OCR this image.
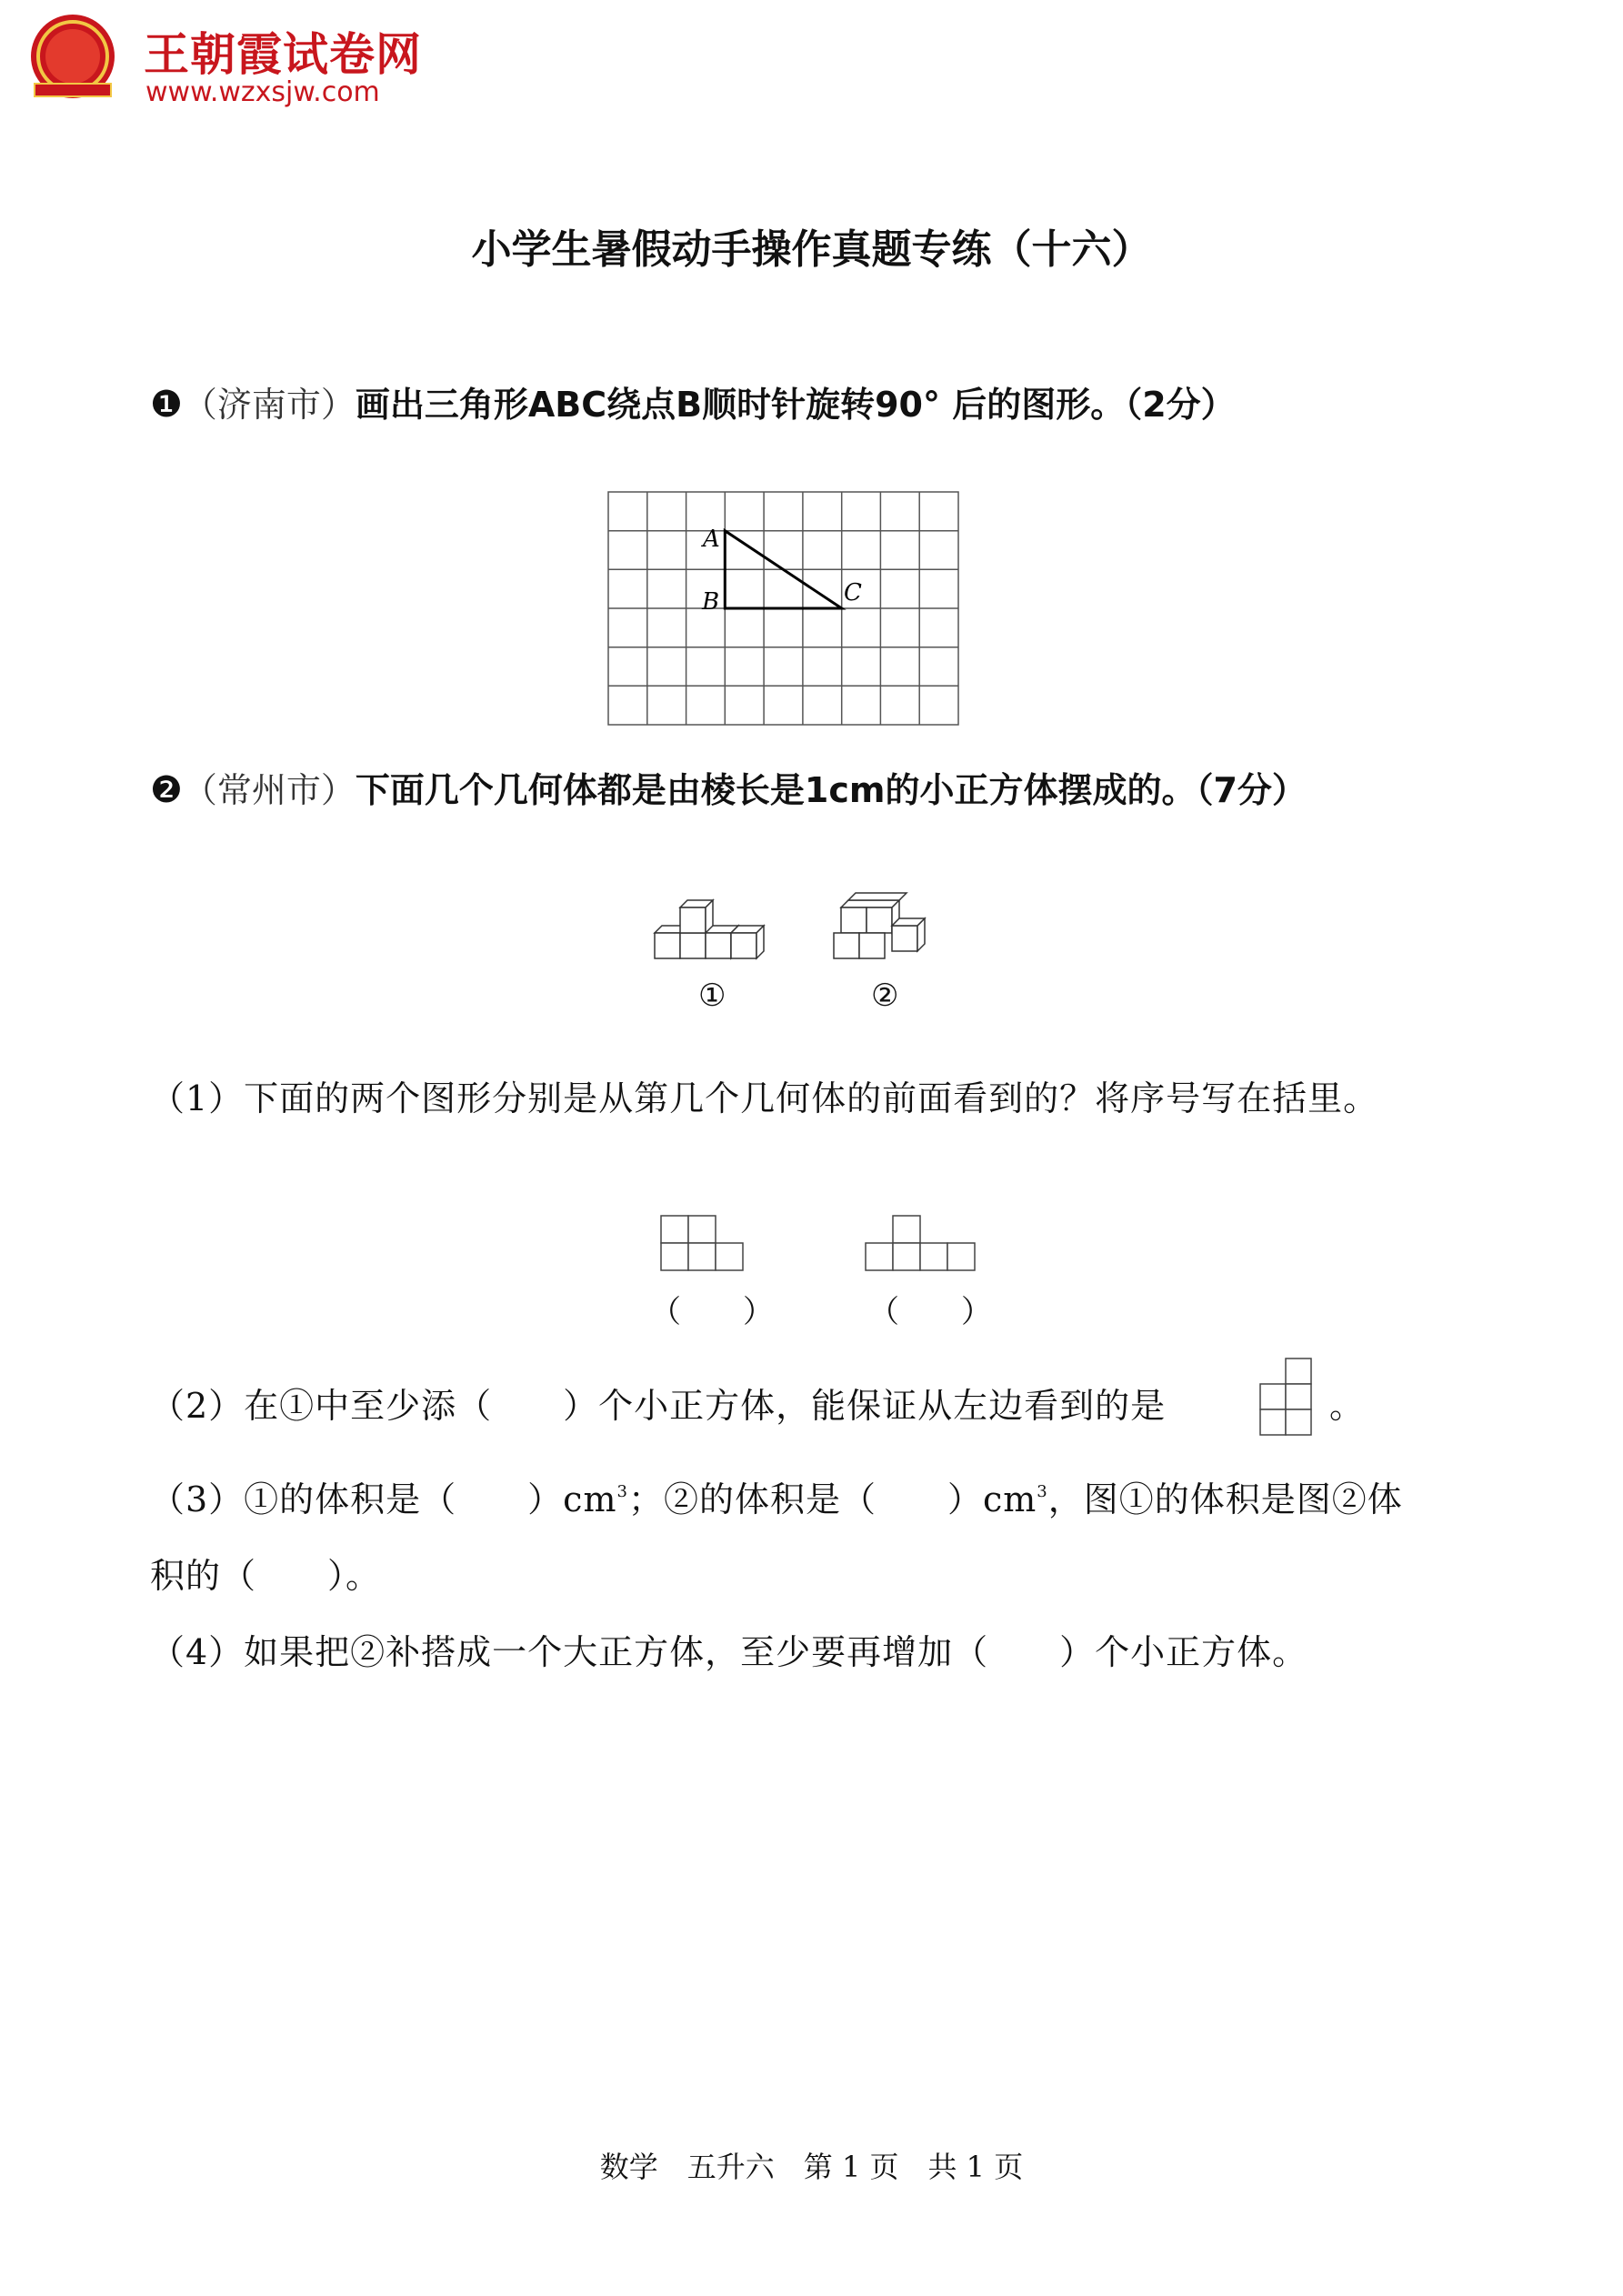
王朝霞试卷网
www.wzxsjw.com
小学生暑假动手操作真题专练（十六）
❶（济南市）画出三角形ABC绕点B顺时针旋转90° 后的图形。（2分）
A
B	C
❷（常州市）下面几个几何体都是由棱长是1cm的小正方体摆成的。（7分）
①	②
（1）下面的两个图形分别是从第几个几何体的前面看到的？将序号写在括里。
（　　）	（　　）
（2）在①中至少添（　　）个小正方体，能保证从左边看到的是	。
（3）①的体积是（　　）$cm^3$；②的体积是（　　）$cm^3$，图①的体积是图②体
积的（　　）。
（4）如果把②补搭成一个大正方体，至少要再增加（　　）个小正方体。
数学　五升六　第 1 页　共 1 页
